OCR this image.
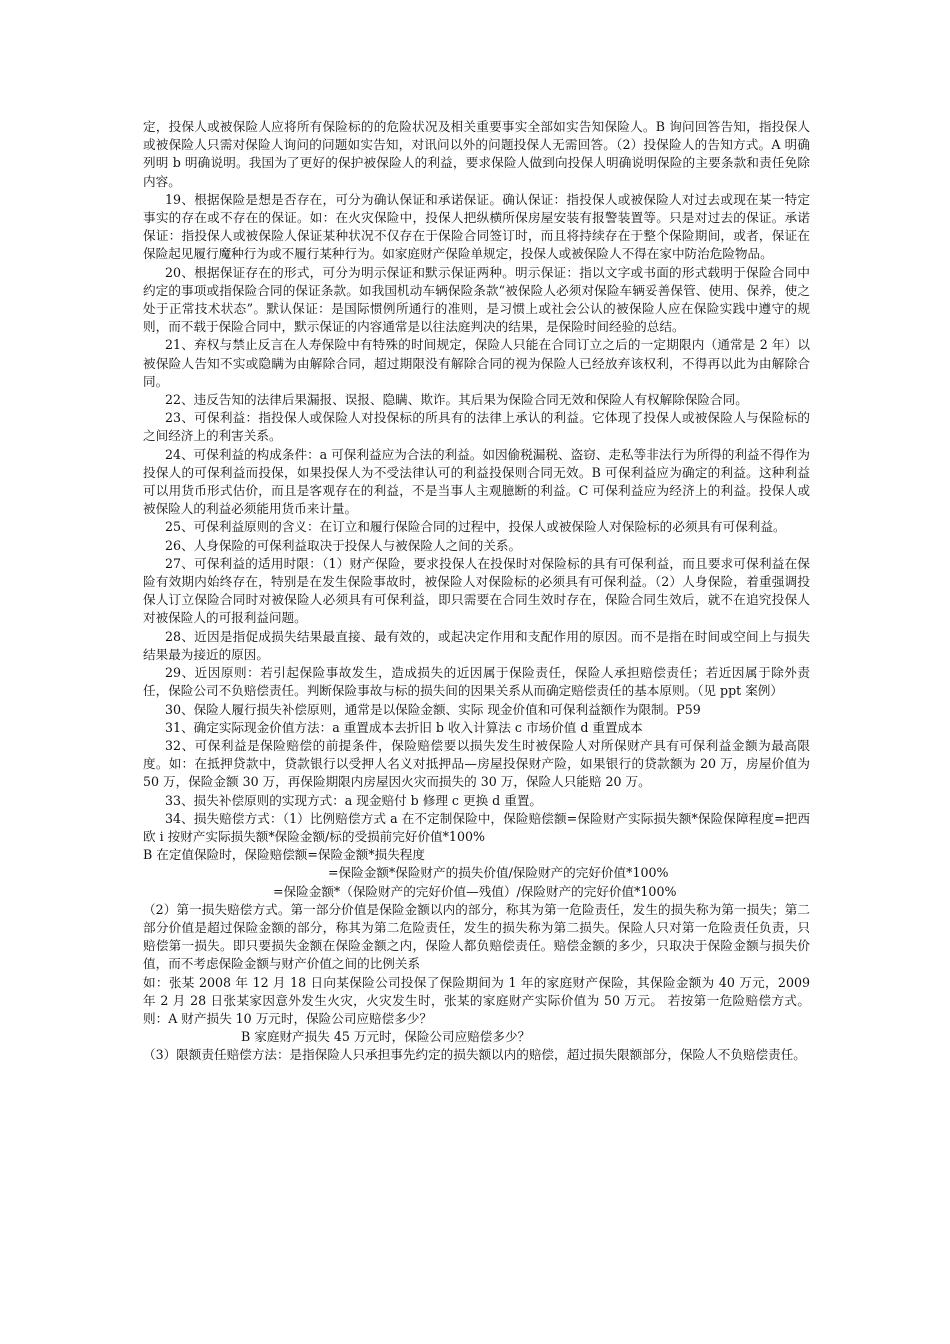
定，投保人或被保险人应将所有保险标的的危险状况及相关重要事实全部如实告知保险人。B 询问回答告知，指投保人或被保险人只需对保险人询问的问题如实告知，对讯问以外的问题投保人无需回答。（2）投保险人的告知方式。A 明确列明 b 明确说明。我国为了更好的保护被保险人的利益，要求保险人做到向投保人明确说明保险的主要条款和责任免除内容。

19、根据保险是想是否存在，可分为确认保证和承诺保证。确认保证：指投保人或被保险人对过去或现在某一特定事实的存在或不存在的保证。如：在火灾保险中，投保人把纵横所保房屋安装有报警装置等。只是对过去的保证。承诺保证：指投保人或被保险人保证某种状况不仅存在于保险合同签订时，而且将持续存在于整个保险期间，或者，保证在保险起见履行魔种行为或不履行某种行为。如家庭财产保险单规定，投保人或被保险人不得在家中防治危险物品。

20、根据保证存在的形式，可分为明示保证和默示保证两种。明示保证：指以文字或书面的形式载明于保险合同中约定的事项或指保险合同的保证条款。如我国机动车辆保险条款“被保险人必须对保险车辆妥善保管、使用、保养，使之处于正常技术状态”。默认保证：是国际惯例所通行的准则，是习惯上或社会公认的被保险人应在保险实践中遵守的规则，而不载于保险合同中，默示保证的内容通常是以往法庭判决的结果，是保险时间经验的总结。

21、弃权与禁止反言在人寿保险中有特殊的时间规定，保险人只能在合同订立之后的一定期限内（通常是 2 年）以被保险人告知不实或隐瞒为由解除合同，超过期限没有解除合同的视为保险人已经放弃该权利，不得再以此为由解除合同。

22、违反告知的法律后果漏报、误报、隐瞒、欺诈。其后果为保险合同无效和保险人有权解除保险合同。

23、可保利益：指投保人或保险人对投保标的所具有的法律上承认的利益。它体现了投保人或被保险人与保险标的之间经济上的利害关系。

24、可保利益的构成条件：a 可保利益应为合法的利益。如因偷税漏税、盗窃、走私等非法行为所得的利益不得作为投保人的可保利益而投保，如果投保人为不受法律认可的利益投保则合同无效。B 可保利益应为确定的利益。这种利益可以用货币形式估价，而且是客观存在的利益，不是当事人主观臆断的利益。C 可保利益应为经济上的利益。投保人或被保险人的利益必须能用货币来计量。

25、可保利益原则的含义：在订立和履行保险合同的过程中，投保人或被保险人对保险标的必须具有可保利益。

26、人身保险的可保利益取决于投保人与被保险人之间的关系。

27、可保利益的适用时限：（1）财产保险，要求投保人在投保时对保险标的具有可保利益，而且要求可保利益在保险有效期内始终存在，特别是在发生保险事故时，被保险人对保险标的必须具有可保利益。（2）人身保险，着重强调投保人订立保险合同时对被保险人必须具有可保利益，即只需要在合同生效时存在，保险合同生效后，就不在追究投保人对被保险人的可报利益问题。

28、近因是指促成损失结果最直接、最有效的，或起决定作用和支配作用的原因。而不是指在时间或空间上与损失结果最为接近的原因。

29、近因原则：若引起保险事故发生，造成损失的近因属于保险责任，保险人承担赔偿责任；若近因属于除外责任，保险公司不负赔偿责任。判断保险事故与标的损失间的因果关系从而确定赔偿责任的基本原则。（见 ppt 案例）

30、保险人履行损失补偿原则，通常是以保险金额、实际 现金价值和可保利益额作为限制。P59

31、确定实际现金价值方法：a 重置成本去折旧 b 收入计算法 c 市场价值 d 重置成本

32、可保利益是保险赔偿的前提条件，保险赔偿要以损失发生时被保险人对所保财产具有可保利益金额为最高限度。如：在抵押贷款中，贷款银行以受押人名义对抵押品—房屋投保财产险，如果银行的贷款额为 20 万，房屋价值为 50 万，保险金额 30 万，再保险期限内房屋因火灾而损失的 30 万，保险人只能赔 20 万。

33、损失补偿原则的实现方式：a 现金赔付 b 修理 c 更换 d 重置。

34、损失赔偿方式：（1）比例赔偿方式 a 在不定制保险中，保险赔偿额=保险财产实际损失额*保险保障程度=把西欧 i 按财产实际损失额*保险金额/标的受损前完好价值*100%

B 在定值保险时，保险赔偿额=保险金额*损失程度

=保险金额*保险财产的损失价值/保险财产的完好价值*100%

=保险金额*（保险财产的完好价值—残值）/保险财产的完好价值*100%

（2）第一损失赔偿方式。第一部分价值是保险金额以内的部分，称其为第一危险责任，发生的损失称为第一损失；第二部分价值是超过保险金额的部分，称其为第二危险责任，发生的损失称为第二损失。保险人只对第一危险责任负责，只赔偿第一损失。即只要损失金额在保险金额之内，保险人都负赔偿责任。赔偿金额的多少，只取决于保险金额与损失价值，而不考虑保险金额与财产价值之间的比例关系

如：张某 2008 年 12 月 18 日向某保险公司投保了保险期间为 1 年的家庭财产保险，其保险金额为 40 万元，2009 年 2 月 28 日张某家因意外发生火灾，火灾发生时，张某的家庭财产实际价值为 50 万元。 若按第一危险赔偿方式。则：A 财产损失 10 万元时，保险公司应赔偿多少？

B 家庭财产损失 45 万元时，保险公司应赔偿多少？

（3）限额责任赔偿方法：是指保险人只承担事先约定的损失额以内的赔偿，超过损失限额部分，保险人不负赔偿责任。
